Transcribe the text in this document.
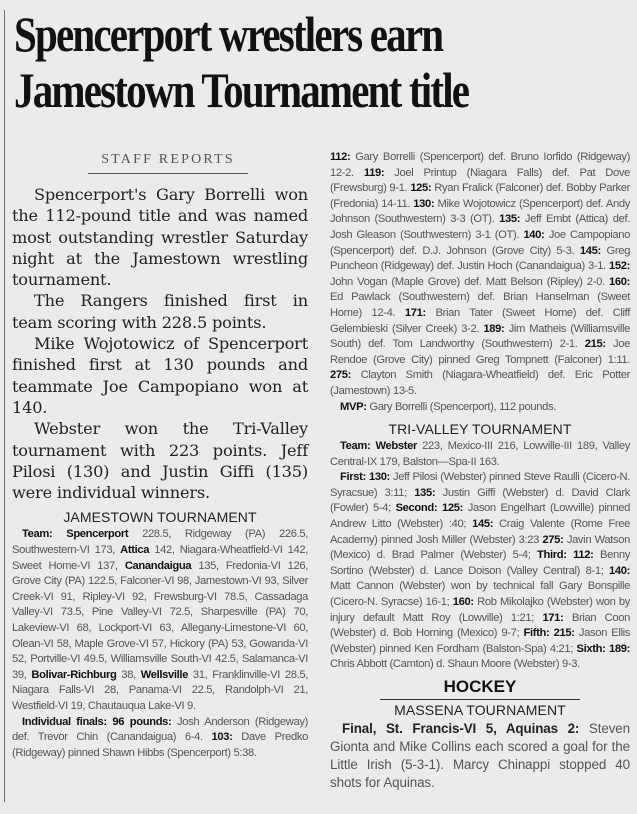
Spencerport wrestlers earn
Jamestown Tournament title
STAFF REPORTS

Spencerport's Gary Borrelli won the 112-pound title and was named most outstanding wrestler Saturday night at the Jamestown wrestling tournament.

The Rangers finished first in team scoring with 228.5 points.

Mike Wojotowicz of Spencerport finished first at 130 pounds and teammate Joe Campopiano won at 140.

Webster won the Tri-Valley tournament with 223 points. Jeff Pilosi (130) and Justin Giffi (135) were individual winners.

JAMESTOWN TOURNAMENT

Team: Spencerport 228.5, Ridgeway (PA) 226.5, Southwestern-VI 173, Attica 142, Niagara-Wheatfield-VI 142, Sweet Home-VI 137, Canandaigua 135, Fredonia-VI 126, Grove City (PA) 122.5, Falconer-VI 98, Jamestown-VI 93, Silver Creek-VI 91, Ripley-VI 92, Frewsburg-VI 78.5, Cassadaga Valley-VI 73.5, Pine Valley-VI 72.5, Sharpesville (PA) 70, Lakeview-VI 68, Lockport-VI 63, Allegany-Limestone-VI 60, Olean-VI 58, Maple Grove-VI 57, Hickory (PA) 53, Gowanda-VI 52, Portville-VI 49.5, Williamsville South-VI 42.5, Salamanca-VI 39, Bolivar-Richburg 38, Wellsville 31, Franklinville-VI 28.5, Niagara Falls-VI 28, Panama-VI 22.5, Randolph-VI 21, Westfield-VI 19, Chautauqua Lake-VI 9.

Individual finals: 96 pounds: Josh Anderson (Ridgeway) def. Trevor Chin (Canandaigua) 6-4. 103: Dave Predko (Ridgeway) pinned Shawn Hibbs (Spencerport) 5:38.

112: Gary Borrelli (Spencerport) def. Bruno Iorfido (Ridgeway) 12-2. 119: Joel Printup (Niagara Falls) def. Pat Dove (Frewsburg) 9-1. 125: Ryan Fralick (Falconer) def. Bobby Parker (Fredonia) 14-11. 130: Mike Wojotowicz (Spencerport) def. Andy Johnson (Southwestern) 3-3 (OT). 135: Jeff Embt (Attica) def. Josh Gleason (Southwestern) 3-1 (OT). 140: Joe Campopiano (Spencerport) def. D.J. Johnson (Grove City) 5-3. 145: Greg Puncheon (Ridgeway) def. Justin Hoch (Canandaigua) 3-1. 152: John Vogan (Maple Grove) def. Matt Belson (Ripley) 2-0. 160: Ed Pawlack (Southwestern) def. Brian Hanselman (Sweet Home) 12-4. 171: Brian Tater (Sweet Home) def. Cliff Gelembieski (Silver Creek) 3-2. 189: Jim Matheis (Williamsville South) def. Tom Landworthy (Southwestern) 2-1. 215: Joe Rendoe (Grove City) pinned Greg Tompnett (Falconer) 1:11. 275: Clayton Smith (Niagara-Wheatfield) def. Eric Potter (Jamestown) 13-5.

MVP: Gary Borrelli (Spencerport), 112 pounds.

TRI-VALLEY TOURNAMENT

Team: Webster 223, Mexico-III 216, Lowville-III 189, Valley Central-IX 179, Balston—Spa-II 163.

First: 130: Jeff Pilosi (Webster) pinned Steve Raulli (Cicero-N. Syracsue) 3:11; 135: Justin Giffi (Webster) d. David Clark (Fowler) 5-4; Second: 125: Jason Engelhart (Lowville) pinned Andrew Litto (Webster) :40; 145: Craig Valente (Rome Free Academy) pinned Josh Miller (Webster) 3:23 275: Javin Watson (Mexico) d. Brad Palmer (Webster) 5-4; Third: 112: Benny Sortino (Webster) d. Lance Doison (Valley Central) 8-1; 140: Matt Cannon (Webster) won by technical fall Gary Bonspille (Cicero-N. Syracse) 16-1; 160: Rob Mikolajko (Webster) won by injury default Matt Roy (Lowville) 1:21; 171: Brian Coon (Webster) d. Bob Horning (Mexico) 9-7; Fifth: 215: Jason Ellis (Webster) pinned Ken Fordham (Balston-Spa) 4:21; Sixth: 189: Chris Abbott (Camton) d. Shaun Moore (Webster) 9-3.

HOCKEY
MASSENA TOURNAMENT

Final, St. Francis-VI 5, Aquinas 2: Steven Gionta and Mike Collins each scored a goal for the Little Irish (5-3-1). Marcy Chinappi stopped 40 shots for Aquinas.
